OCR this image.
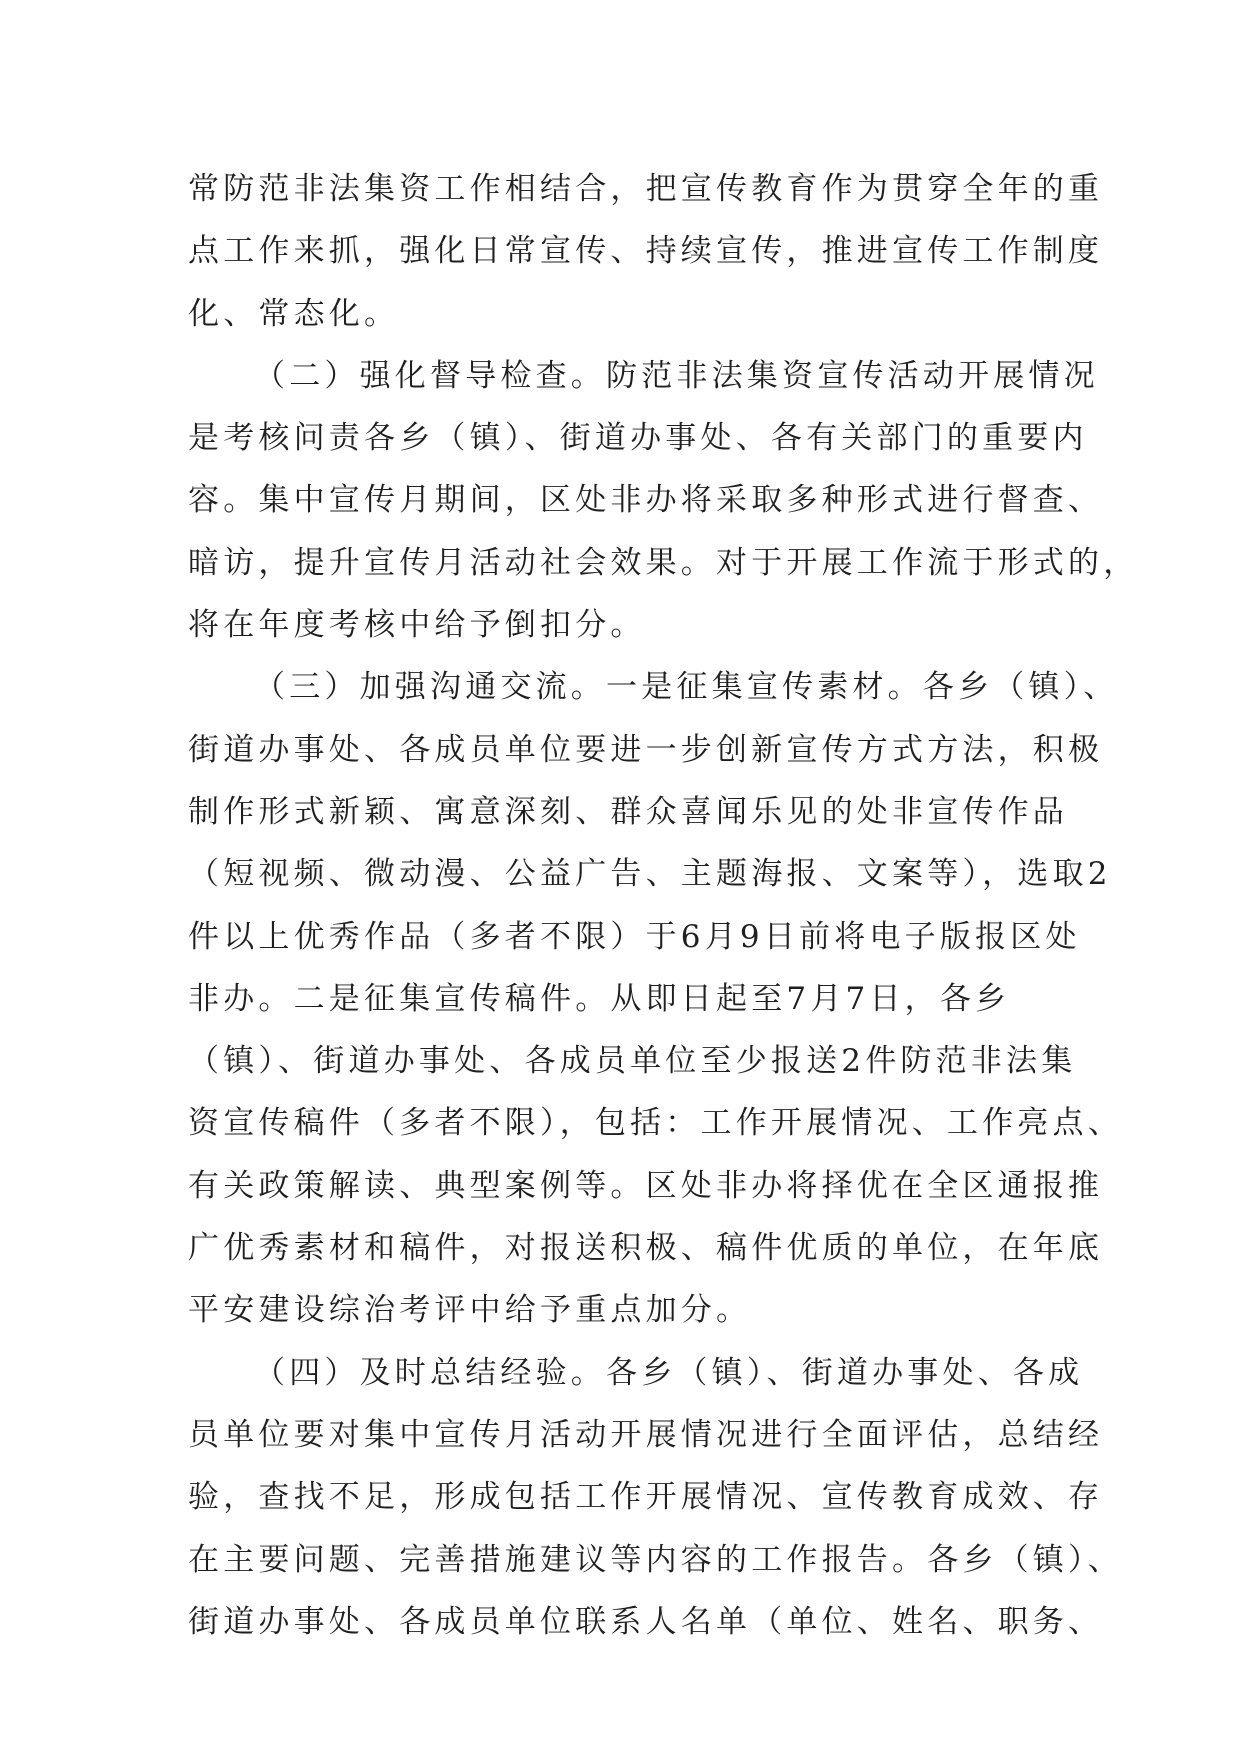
常防范非法集资工作相结合，把宣传教育作为贯穿全年的重
点工作来抓，强化日常宣传、持续宣传，推进宣传工作制度
化、常态化。
（二）强化督导检查。防范非法集资宣传活动开展情况
是考核问责各乡（镇）、街道办事处、各有关部门的重要内
容。集中宣传月期间，区处非办将采取多种形式进行督查、
暗访，提升宣传月活动社会效果。对于开展工作流于形式的，
将在年度考核中给予倒扣分。
（三）加强沟通交流。一是征集宣传素材。各乡（镇）、
街道办事处、各成员单位要进一步创新宣传方式方法，积极
制作形式新颖、寓意深刻、群众喜闻乐见的处非宣传作品
（短视频、微动漫、公益广告、主题海报、文案等），选取2
件以上优秀作品（多者不限）于6月9日前将电子版报区处
非办。二是征集宣传稿件。从即日起至7月7日，各乡
（镇）、街道办事处、各成员单位至少报送2件防范非法集
资宣传稿件（多者不限），包括：工作开展情况、工作亮点、
有关政策解读、典型案例等。区处非办将择优在全区通报推
广优秀素材和稿件，对报送积极、稿件优质的单位，在年底
平安建设综治考评中给予重点加分。
（四）及时总结经验。各乡（镇）、街道办事处、各成
员单位要对集中宣传月活动开展情况进行全面评估，总结经
验，查找不足，形成包括工作开展情况、宣传教育成效、存
在主要问题、完善措施建议等内容的工作报告。各乡（镇）、
街道办事处、各成员单位联系人名单（单位、姓名、职务、
